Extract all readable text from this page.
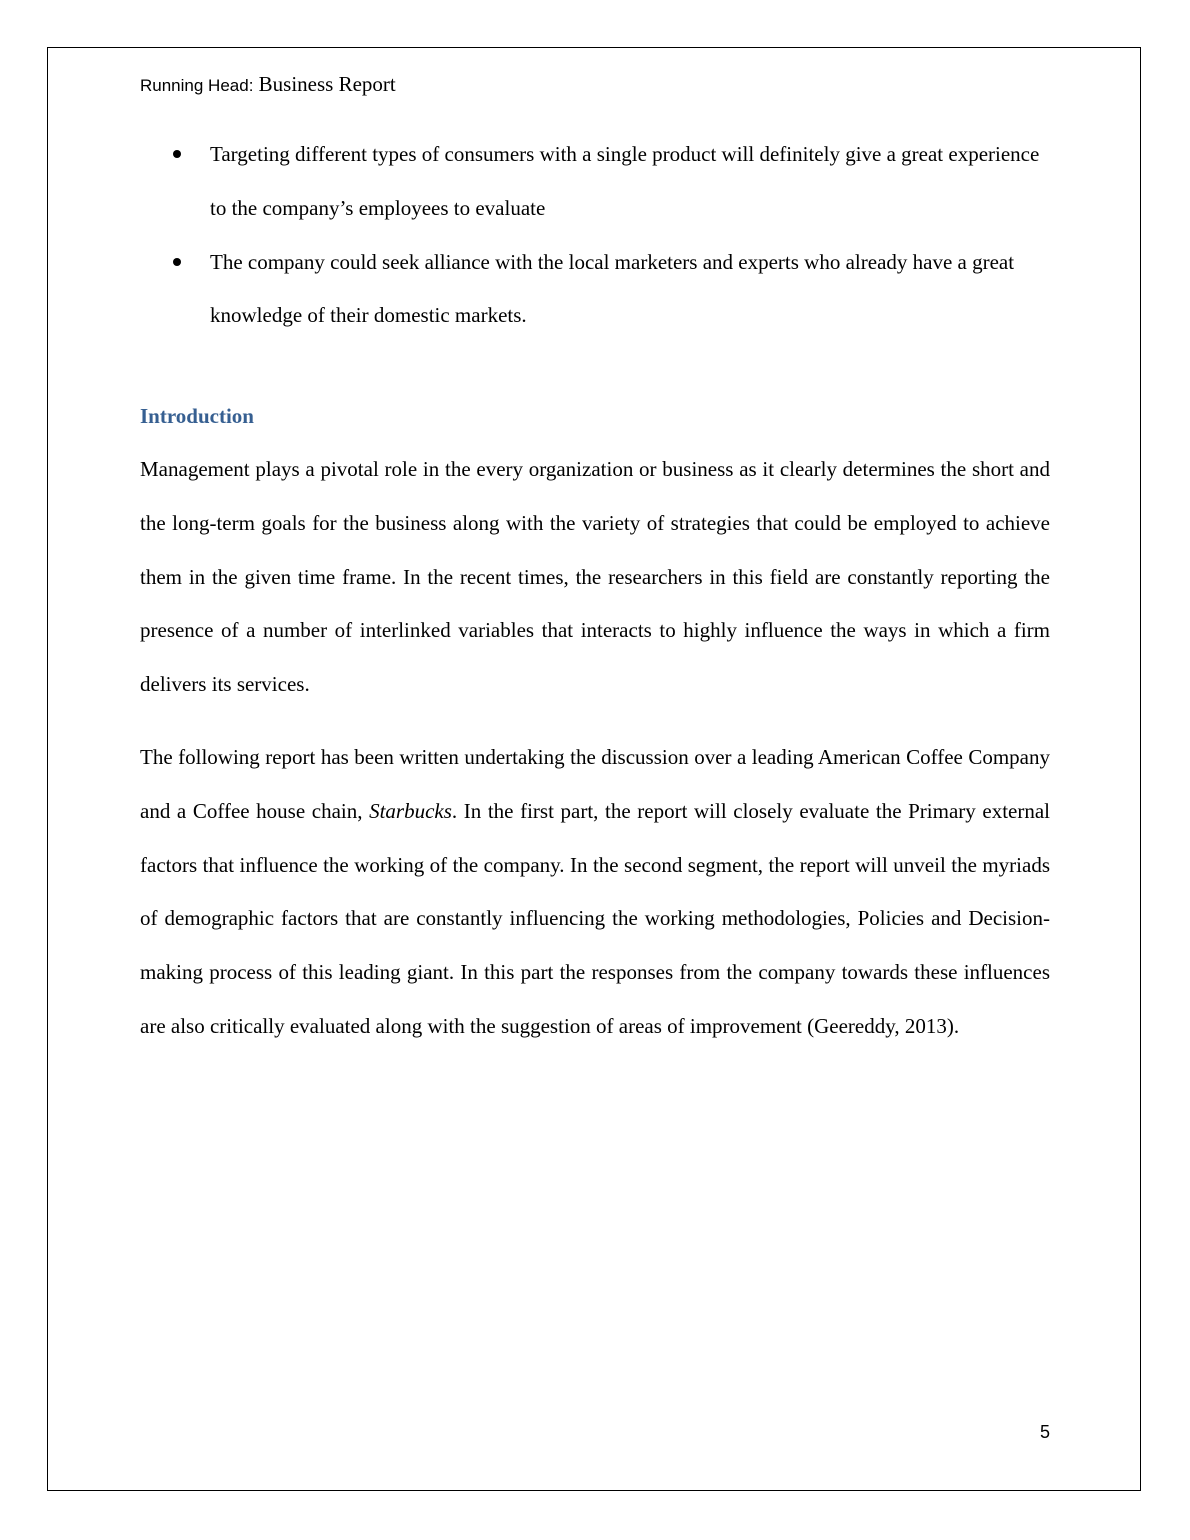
Running Head: Business Report
Targeting different types of consumers with a single product will definitely give a great experience to the company’s employees to evaluate
The company could seek alliance with the local marketers and experts who already have a great knowledge of their domestic markets.
Introduction

Management plays a pivotal role in the every organization or business as it clearly determines the short and the long-term goals for the business along with the variety of strategies that could be employed to achieve them in the given time frame. In the recent times, the researchers in this field are constantly reporting the presence of a number of interlinked variables that interacts to highly influence the ways in which a firm delivers its services.

The following report has been written undertaking the discussion over a leading American Coffee Company and a Coffee house chain, Starbucks. In the first part, the report will closely evaluate the Primary external factors that influence the working of the company. In the second segment, the report will unveil the myriads of demographic factors that are constantly influencing the working methodologies, Policies and Decision-making process of this leading giant. In this part the responses from the company towards these influences are also critically evaluated along with the suggestion of areas of improvement (Geereddy, 2013).

5
